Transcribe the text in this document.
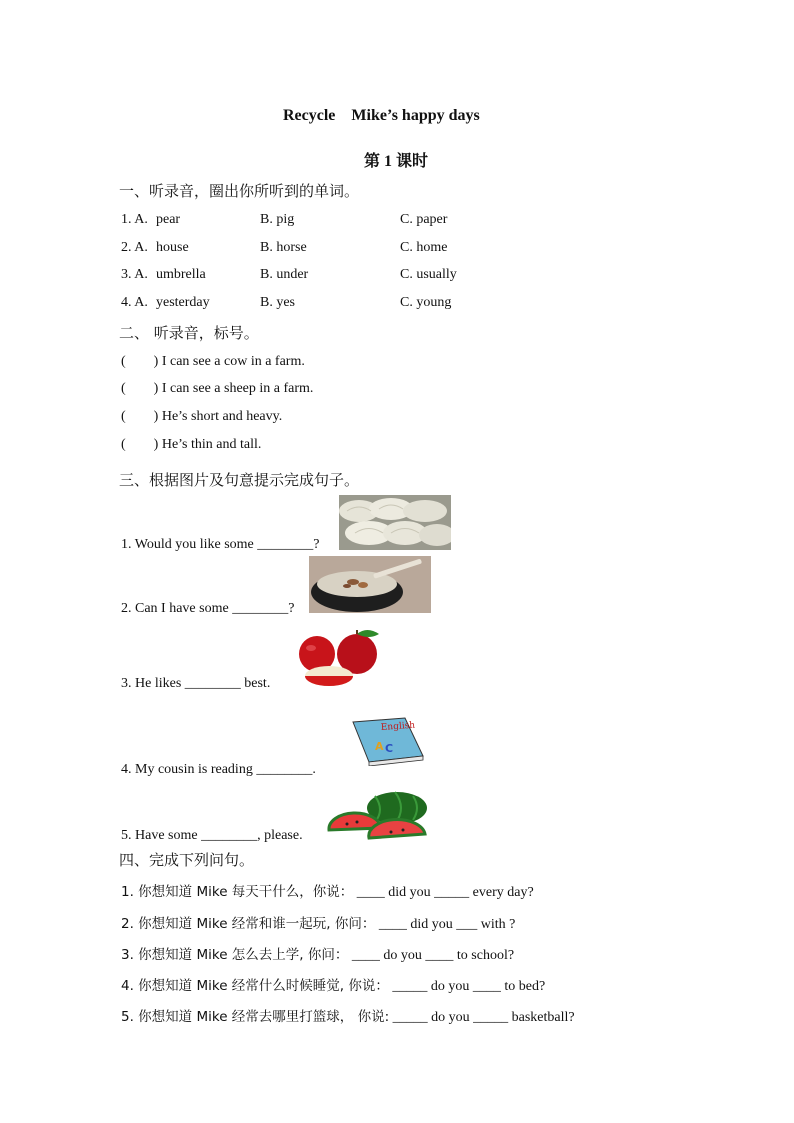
Recycle Mike’s happy days
第 1 课时
一、听录音，圈出你所听到的单词。
1. A. pear	B. pig	C. paper
2. A. house	B. horse	C. home
3. A. umbrella	B. under	C. usually
4. A. yesterday	B. yes	C. young
二、 听录音，标号。
(  ) I can see a cow in a farm.
(  ) I can see a sheep in a farm.
(  ) He’s short and heavy.
(  ) He’s thin and tall.
三、根据图片及句意提示完成句子。
1. Would you like some ________?
2. Can I have some ________?
3. He likes ________ best.
4. My cousin is reading ________.
English
A C
5. Have some ________, please.
四、完成下列问句。
1. 你想知道 Mike 每天干什么，你说： ____ did you _____ every day?
2. 你想知道 Mike 经常和谁一起玩, 你问： ____ did you ___ with ?
3. 你想知道 Mike 怎么去上学, 你问： ____ do you ____ to school?
4. 你想知道 Mike 经常什么时候睡觉, 你说： _____ do you ____ to bed?
5. 你想知道 Mike 经常去哪里打篮球， 你说: _____ do you _____ basketball?
